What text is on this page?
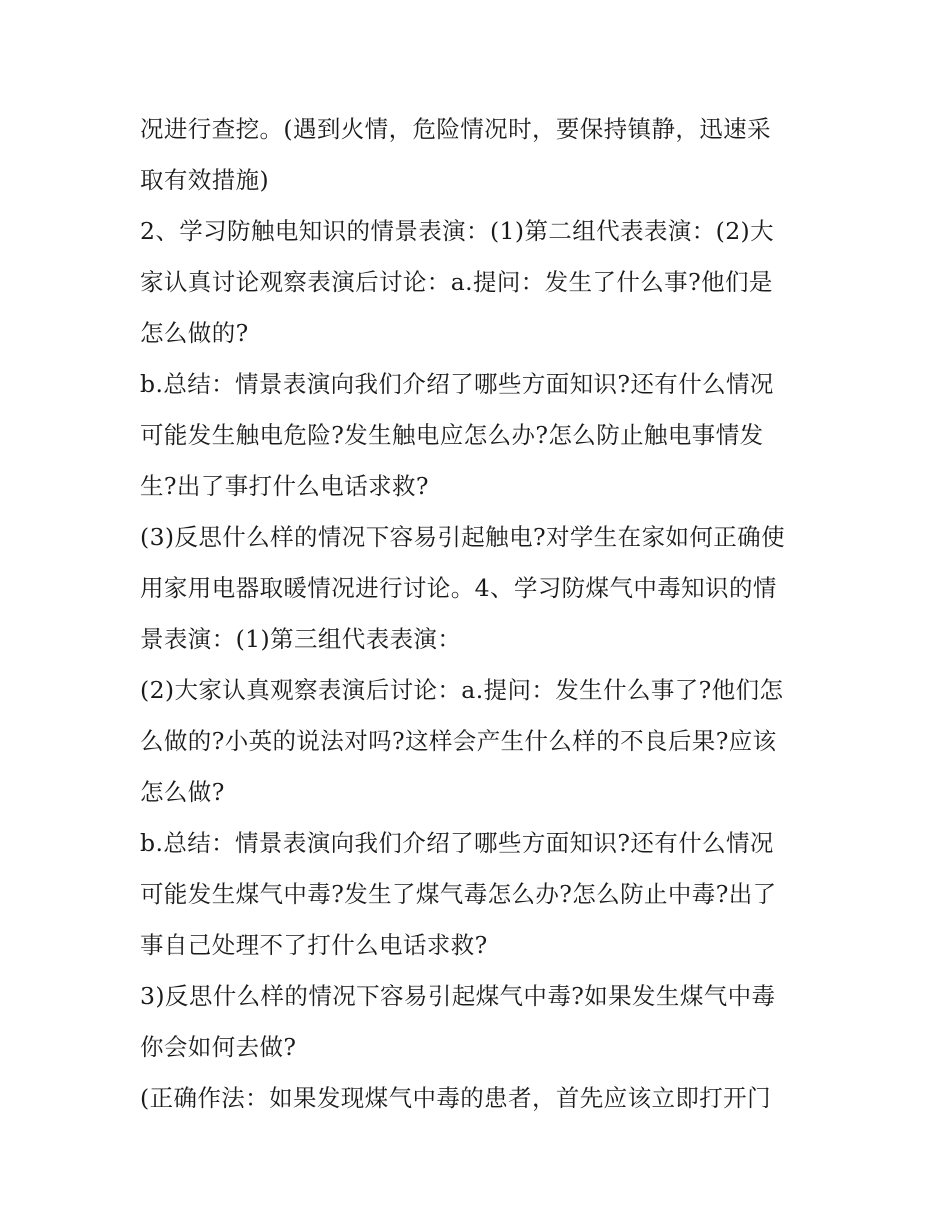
况进行查挖。(遇到火情，危险情况时，要保持镇静，迅速采
取有效措施)
2、学习防触电知识的情景表演：(1)第二组代表表演：(2)大
家认真讨论观察表演后讨论：a.提问：发生了什么事?他们是
怎么做的?
b.总结：情景表演向我们介绍了哪些方面知识?还有什么情况
可能发生触电危险?发生触电应怎么办?怎么防止触电事情发
生?出了事打什么电话求救?
(3)反思什么样的情况下容易引起触电?对学生在家如何正确使
用家用电器取暖情况进行讨论。4、学习防煤气中毒知识的情
景表演：(1)第三组代表表演：
(2)大家认真观察表演后讨论：a.提问：发生什么事了?他们怎
么做的?小英的说法对吗?这样会产生什么样的不良后果?应该
怎么做?
b.总结：情景表演向我们介绍了哪些方面知识?还有什么情况
可能发生煤气中毒?发生了煤气毒怎么办?怎么防止中毒?出了
事自己处理不了打什么电话求救?
3)反思什么样的情况下容易引起煤气中毒?如果发生煤气中毒
你会如何去做?
(正确作法：如果发现煤气中毒的患者，首先应该立即打开门
